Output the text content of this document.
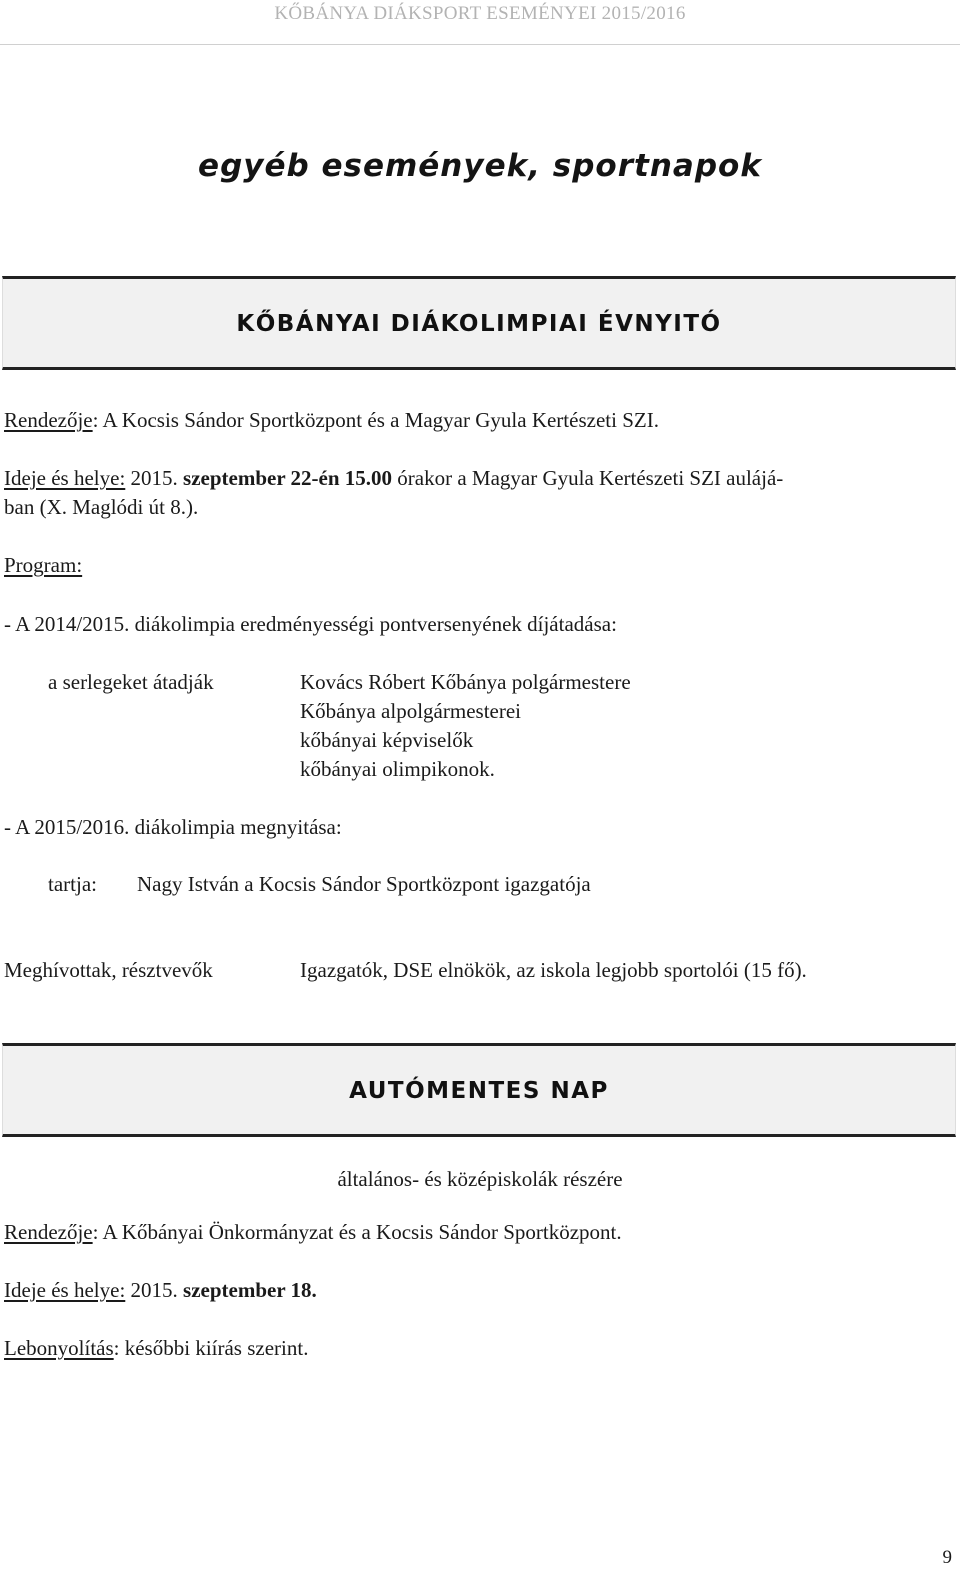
KŐBÁNYA DIÁKSPORT ESEMÉNYEI 2015/2016
egyéb események, sportnapok
KŐBÁNYAI DIÁKOLIMPIAI ÉVNYITÓ
Rendezője: A Kocsis Sándor Sportközpont és a Magyar Gyula Kertészeti SZI.
Ideje és helye: 2015. szeptember 22-én 15.00 órakor a Magyar Gyula Kertészeti SZI aulájá-
ban (X. Maglódi út 8.).
Program:
- A 2014/2015. diákolimpia eredményességi pontversenyének díjátadása:
a serlegeket átadják	Kovács Róbert Kőbánya polgármestere
Kőbánya alpolgármesterei
kőbányai képviselők
kőbányai olimpikonok.
- A 2015/2016. diákolimpia megnyitása:
tartja: Nagy István a Kocsis Sándor Sportközpont igazgatója
Meghívottak, résztvevők	Igazgatók, DSE elnökök, az iskola legjobb sportolói (15 fő).
AUTÓMENTES NAP
általános- és középiskolák részére
Rendezője: A Kőbányai Önkormányzat és a Kocsis Sándor Sportközpont.
Ideje és helye: 2015. szeptember 18.
Lebonyolítás: későbbi kiírás szerint.
9
